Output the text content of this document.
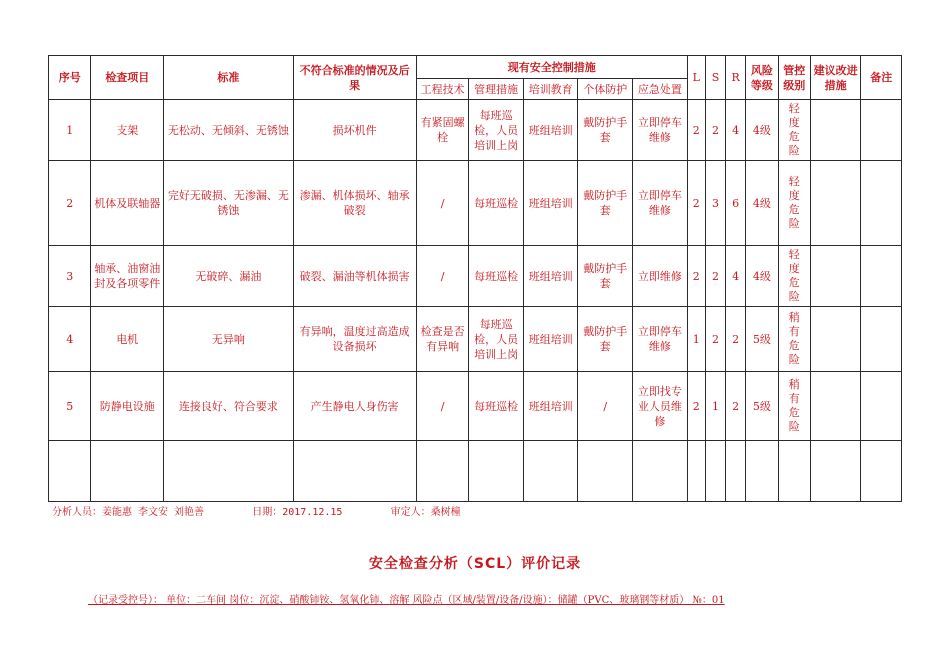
序号	检查项目	标准	不符合标准的情况及后果	现有安全控制措施					L	S	R	风险等级	管控级别	建议改进措施	备注
				工程技术	管理措施	培训教育	个体防护	应急处置							
1	支架	无松动、无倾斜、无锈蚀	损坏机件	有紧固螺栓	每班巡检，人员培训上岗	班组培训	戴防护手套	立即停车维修	2	2	4	4级	轻度危险		

2	机体及联轴器	完好无破损、无渗漏、无锈蚀	渗漏、机体损坏、轴承破裂	/	每班巡检	班组培训	戴防护手套	立即停车维修	2	3	6	4级	轻度危险		

3	轴承、油窗油封及各项零件	无破碎、漏油	破裂、漏油等机体损害	/	每班巡检	班组培训	戴防护手套	立即维修	2	2	4	4级	轻度危险		

4	电机	无异响	有异响，温度过高造成设备损坏	检查是否有异响	每班巡检，人员培训上岗	班组培训	戴防护手套	立即停车维修	1	2	2	5级	稍有危险		

5	防静电设施	连接良好、符合要求	产生静电人身伤害	/	每班巡检	班组培训	/	立即找专业人员维修	2	1	2	5级	稍有危险		

分析人员：姜能惠 李文安 刘艳善	日期：2017.12.15	审定人：桑树橦
安全检查分析（SCL）评价记录
（记录受控号）： 单位：二车间 岗位：沉淀、硝酸铈铵、氢氧化铈、溶解 风险点（区域/装置/设备/设施）：储罐（PVC、玻璃钢等材质） №：01
